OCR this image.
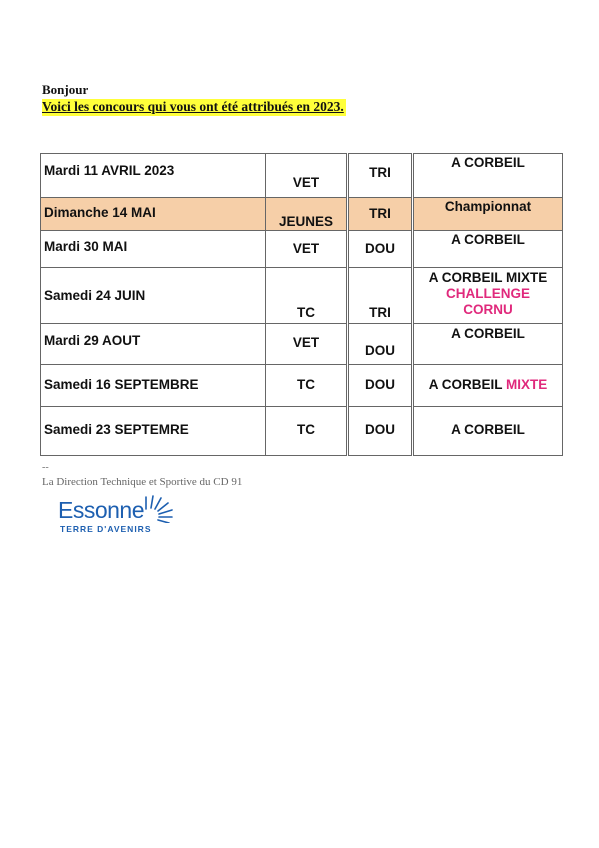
Bonjour
Voici les concours qui vous ont été attribués en 2023.
Mardi 11 AVRIL 2023	VET		TRI		A CORBEIL

Dimanche 14 MAI	JEUNES		TRI		Championnat

Mardi 30 MAI	VET		DOU		A CORBEIL

Samedi 24 JUIN	TC		TRI		A CORBEIL MIXTE
CHALLENGE
CORNU

Mardi 29 AOUT	VET		DOU		A CORBEIL

Samedi 16 SEPTEMBRE	TC		DOU		A CORBEIL MIXTE

Samedi 23 SEPTEMRE	TC		DOU		A CORBEIL
--
La Direction Technique et Sportive du CD 91
Essonne
TERRE D'AVENIRS
